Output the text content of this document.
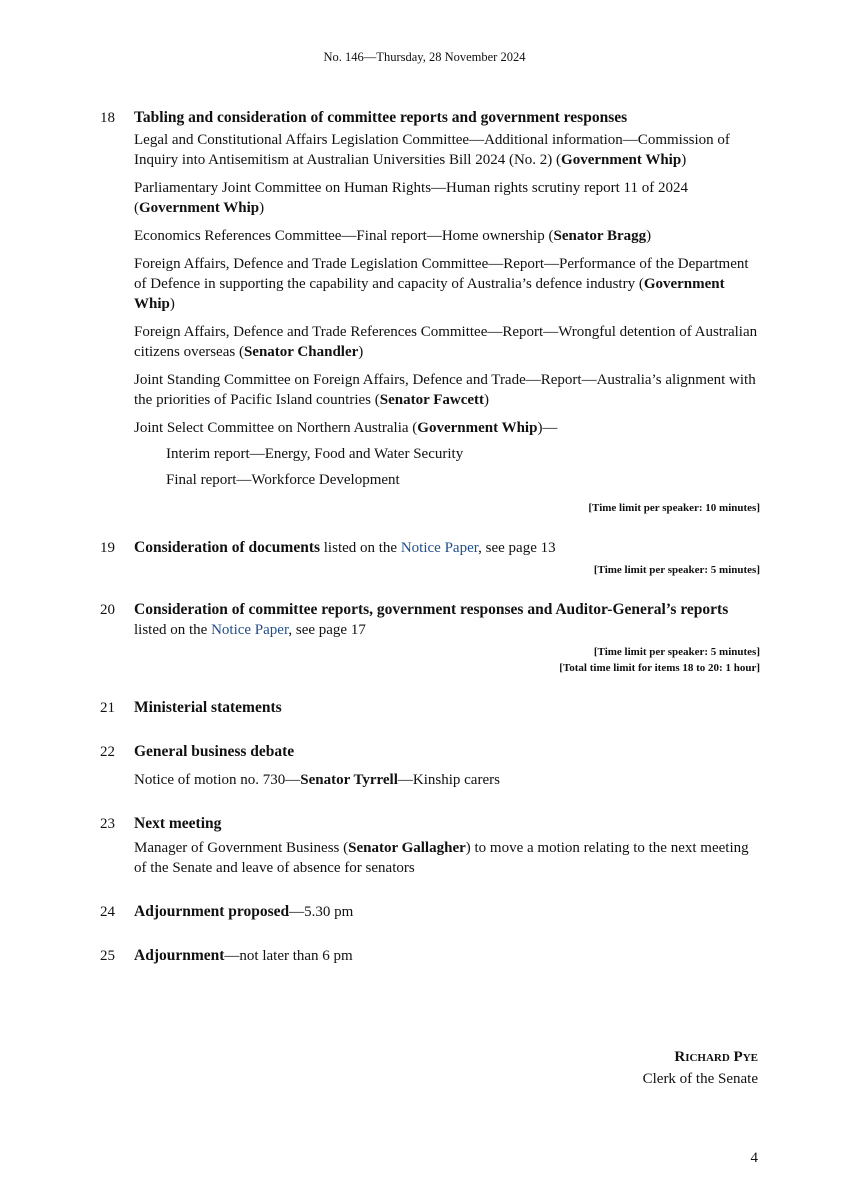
No. 146—Thursday, 28 November 2024
18 Tabling and consideration of committee reports and government responses

Legal and Constitutional Affairs Legislation Committee—Additional information—Commission of Inquiry into Antisemitism at Australian Universities Bill 2024 (No. 2) (Government Whip)

Parliamentary Joint Committee on Human Rights—Human rights scrutiny report 11 of 2024 (Government Whip)

Economics References Committee—Final report—Home ownership (Senator Bragg)

Foreign Affairs, Defence and Trade Legislation Committee—Report—Performance of the Department of Defence in supporting the capability and capacity of Australia’s defence industry (Government Whip)

Foreign Affairs, Defence and Trade References Committee—Report—Wrongful detention of Australian citizens overseas (Senator Chandler)

Joint Standing Committee on Foreign Affairs, Defence and Trade—Report—Australia’s alignment with the priorities of Pacific Island countries (Senator Fawcett)

Joint Select Committee on Northern Australia (Government Whip)—

Interim report—Energy, Food and Water Security

Final report—Workforce Development

[Time limit per speaker: 10 minutes]
19 Consideration of documents listed on the Notice Paper, see page 13

[Time limit per speaker: 5 minutes]
20 Consideration of committee reports, government responses and Auditor-General’s reports listed on the Notice Paper, see page 17

[Time limit per speaker: 5 minutes]
[Total time limit for items 18 to 20: 1 hour]
21 Ministerial statements
22 General business debate

Notice of motion no. 730—Senator Tyrrell—Kinship carers

23 Next meeting

Manager of Government Business (Senator Gallagher) to move a motion relating to the next meeting of the Senate and leave of absence for senators

24 Adjournment proposed—5.30 pm

25 Adjournment—not later than 6 pm

Richard Pye
Clerk of the Senate
4
